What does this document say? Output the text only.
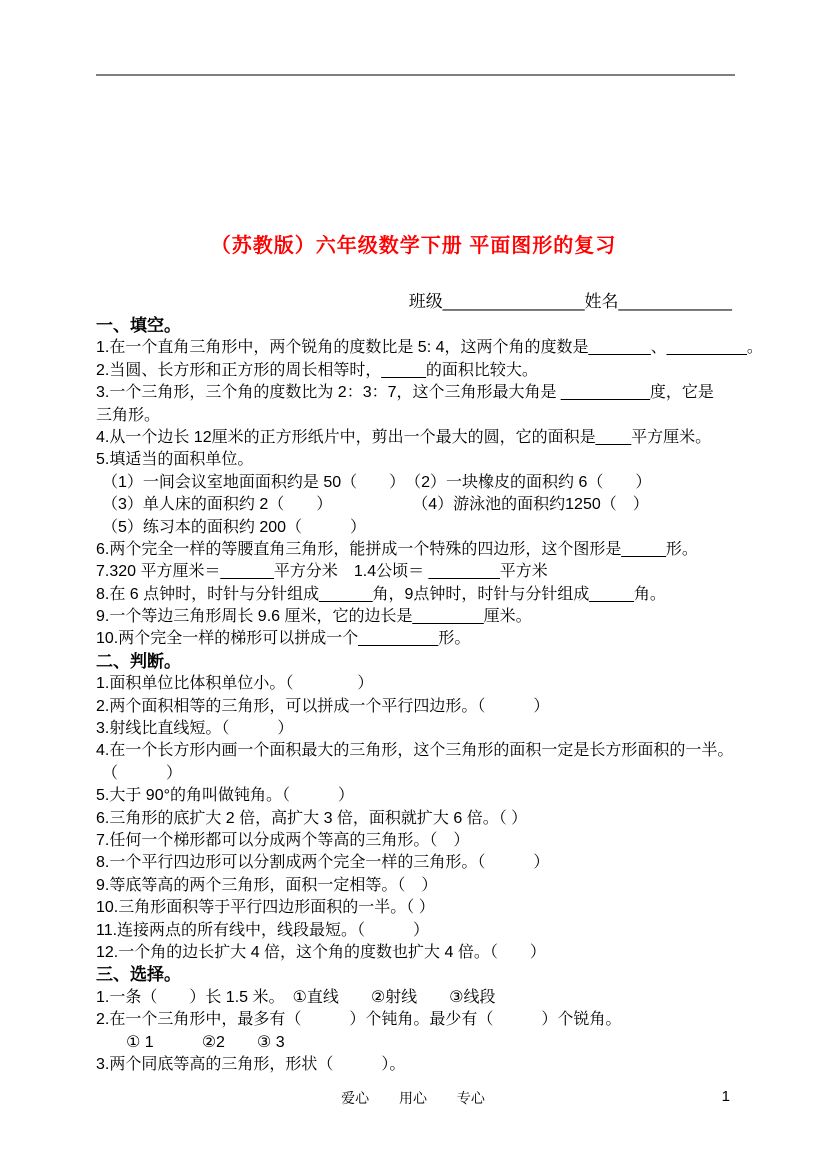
（苏教版）六年级数学下册 平面图形的复习
班级_______________姓名____________
一、填空。
1.在一个直角三角形中，两个锐角的度数比是 5: 4，这两个角的度数是_______、_________。
2.当圆、长方形和正方形的周长相等时，_____的面积比较大。
3.一个三角形，三个角的度数比为 2：3：7，这个三角形最大角是 __________度，它是
三角形。
4.从一个边长 12厘米的正方形纸片中，剪出一个最大的圆，它的面积是____平方厘米。
5.填适当的面积单位。
（1）一间会议室地面面积约是 50（　　）　（2）一块橡皮的面积约 6（　　）
（3）单人床的面积约 2（　　）　　　　　　（4）游泳池的面积约1250（　）
（5）练习本的面积约 200（　　　）
6.两个完全一样的等腰直角三角形，能拼成一个特殊的四边形，这个图形是_____形。
7.320 平方厘米＝______平方分米　1.4公顷＝ ________平方米
8.在 6 点钟时，时针与分针组成______角，9点钟时，时针与分针组成_____角。
9.一个等边三角形周长 9.6 厘米，它的边长是________厘米。
10.两个完全一样的梯形可以拼成一个_________形。
二、判断。
1.面积单位比体积单位小。（　　　　）
2.两个面积相等的三角形，可以拼成一个平行四边形。（　　　）
3.射线比直线短。（　　　）
4.在一个长方形内画一个面积最大的三角形，这个三角形的面积一定是长方形面积的一半。
（　　　）
5.大于 90°的角叫做钝角。（　　　）
6.三角形的底扩大 2 倍，高扩大 3 倍，面积就扩大 6 倍。（ ）
7.任何一个梯形都可以分成两个等高的三角形。（　）
8.一个平行四边形可以分割成两个完全一样的三角形。（　　　）
9.等底等高的两个三角形，面积一定相等。（　）
10.三角形面积等于平行四边形面积的一半。（ ）
11.连接两点的所有线中，线段最短。（　　　）
12.一个角的边长扩大 4 倍，这个角的度数也扩大 4 倍。（　　）
三、选择。
1.一条（　　）长 1.5 米。　①直线　　②射线　　③线段
2.在一个三角形中，最多有（　　　）个钝角。最少有（　　　）个锐角。
① 1　　　②2　　③ 3
3.两个同底等高的三角形，形状（　　　）。
爱心 用心 专心	1
